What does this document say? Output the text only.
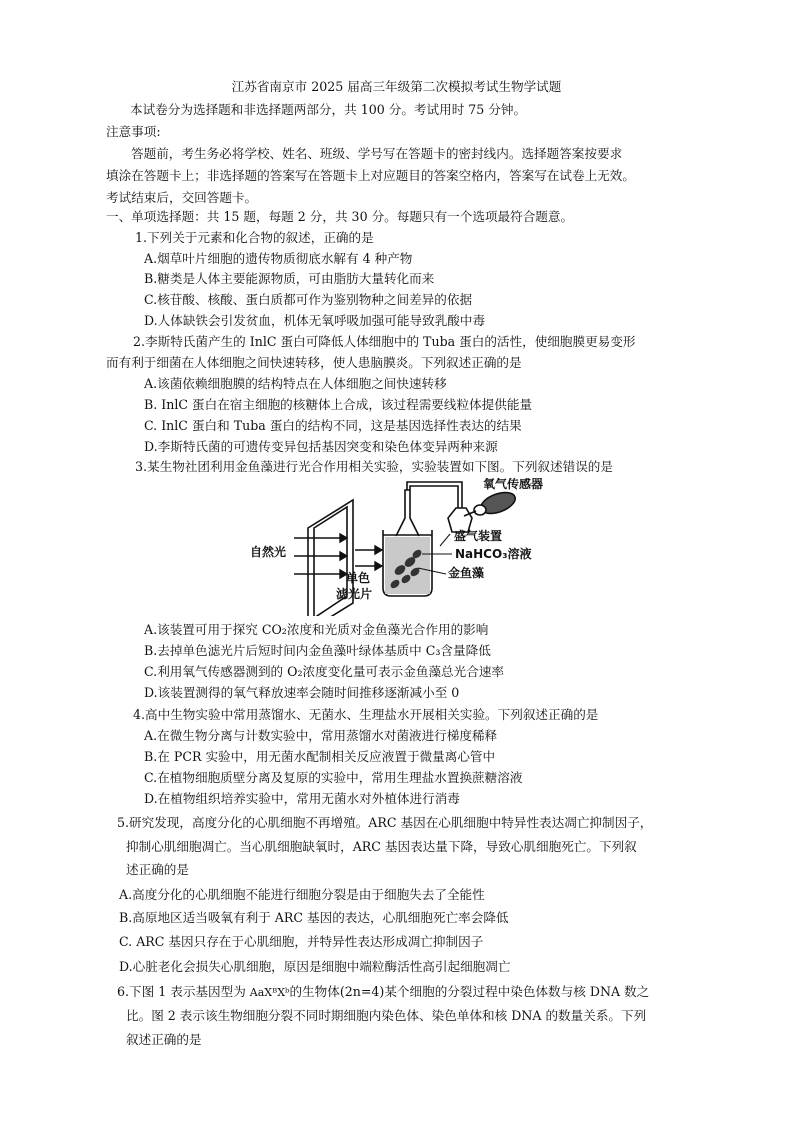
江苏省南京市 2025 届高三年级第二次模拟考试生物学试题
本试卷分为选择题和非选择题两部分，共 100 分。考试用时 75 分钟。
注意事项:
答题前，考生务必将学校、姓名、班级、学号写在答题卡的密封线内。选择题答案按要求
填涂在答题卡上；非选择题的答案写在答题卡上对应题目的答案空格内，答案写在试卷上无效。
考试结束后，交回答题卡。
一、单项选择题：共 15 题，每题 2 分，共 30 分。每题只有一个选项最符合题意。
1.下列关于元素和化合物的叙述，正确的是
A.烟草叶片细胞的遗传物质彻底水解有 4 种产物
B.糖类是人体主要能源物质，可由脂肪大量转化而来
C.核苷酸、核酸、蛋白质都可作为鉴别物种之间差异的依据
D.人体缺铁会引发贫血，机体无氧呼吸加强可能导致乳酸中毒
2.李斯特氏菌产生的 InlC 蛋白可降低人体细胞中的 Tuba 蛋白的活性，使细胞膜更易变形
而有利于细菌在人体细胞之间快速转移，使人患脑膜炎。下列叙述正确的是
A.该菌依赖细胞膜的结构特点在人体细胞之间快速转移
B. InlC 蛋白在宿主细胞的核糖体上合成，该过程需要线粒体提供能量
C. InlC 蛋白和 Tuba 蛋白的结构不同，这是基因选择性表达的结果
D.李斯特氏菌的可遗传变异包括基因突变和染色体变异两种来源
3.某生物社团利用金鱼藻进行光合作用相关实验，实验装置如下图。下列叙述错误的是
自然光
单色
滤光片
氧气传感器
盛气装置
NaHCO₃溶液
金鱼藻
A.该装置可用于探究 CO₂浓度和光质对金鱼藻光合作用的影响
B.去掉单色滤光片后短时间内金鱼藻叶绿体基质中 C₃含量降低
C.利用氧气传感器测到的 O₂浓度变化量可表示金鱼藻总光合速率
D.该装置测得的氧气释放速率会随时间推移逐渐减小至 0
4.高中生物实验中常用蒸馏水、无菌水、生理盐水开展相关实验。下列叙述正确的是
A.在微生物分离与计数实验中，常用蒸馏水对菌液进行梯度稀释
B.在 PCR 实验中，用无菌水配制相关反应液置于微量离心管中
C.在植物细胞质壁分离及复原的实验中，常用生理盐水置换蔗糖溶液
D.在植物组织培养实验中，常用无菌水对外植体进行消毒
5.研究发现，高度分化的心肌细胞不再增殖。ARC 基因在心肌细胞中特异性表达凋亡抑制因子，
抑制心肌细胞凋亡。当心肌细胞缺氧时，ARC 基因表达量下降，导致心肌细胞死亡。下列叙
述正确的是
A.高度分化的心肌细胞不能进行细胞分裂是由于细胞失去了全能性
B.高原地区适当吸氧有利于 ARC 基因的表达，心肌细胞死亡率会降低
C. ARC 基因只存在于心肌细胞，并特异性表达形成凋亡抑制因子
D.心脏老化会损失心肌细胞，原因是细胞中端粒酶活性高引起细胞凋亡
6.下图 1 表示基因型为 AaXᴮXᵇ的生物体(2n=4)某个细胞的分裂过程中染色体数与核 DNA 数之
比。图 2 表示该生物细胞分裂不同时期细胞内染色体、染色单体和核 DNA 的数量关系。下列
叙述正确的是
